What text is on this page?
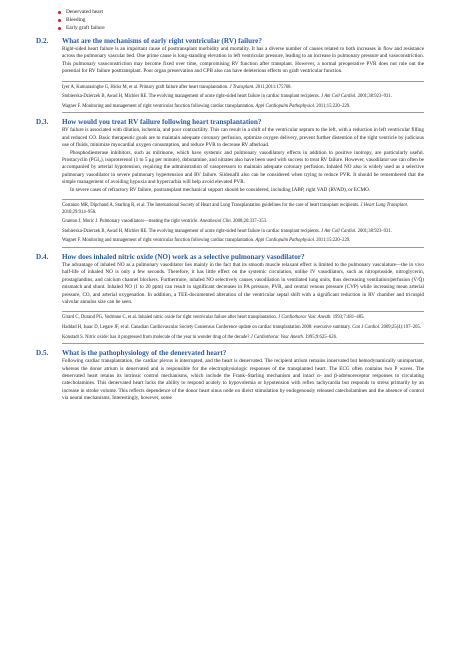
Denervated heart
Bleeding
Early graft failure
D.2.	What are the mechanisms of early right ventricular (RV) failure?
Right-sided heart failure is an important cause of posttransplant morbidity and mortality. It has a diverse number of causes related to both increases in flow and resistance across the pulmonary vascular bed. One prime cause is long-standing elevation in left ventricular pressure, leading to an increase in pulmonary pressure and vasoconstriction. This pulmonary vasoconstriction may become fixed over time, compromising RV function after transplant. However, a normal preoperative PVR does not rule out the potential for RV failure posttransplant. Poor organ preservation and CPB also can have deleterious effects on graft ventricular function.
Iyer A, Kumarasinghe G, Hicks M, et al. Primary graft failure after heart transplantation. J Transplant. 2011;2011:175768.
Stobierska-Dzierzek B, Awad H, Michler RE. The evolving management of acute right-sided heart failure in cardiac transplant recipients. J Am Coll Cardiol. 2001;38:923–931.
Wagner F. Monitoring and management of right ventricular function following cardiac transplantation. Appl Cardiopulm Pathophysiol. 2011;15:220–229.
D.3.	How would you treat RV failure following heart transplantation?
RV failure is associated with dilation, ischemia, and poor contractility. This can result in a shift of the ventricular septum to the left, with a reduction in left ventricular filling and reduced CO. Basic therapeutic goals are to maintain adequate coronary perfusion, optimize oxygen delivery, prevent further distention of the right ventricle by judicious use of fluids, minimize myocardial oxygen consumption, and reduce PVR to decrease RV afterload.
Phosphodiesterase inhibitors, such as milrinone, which have systemic and pulmonary vasodilatory effects in addition to positive inotropy, are particularly useful. Prostacyclin (PGI₂), isoproterenol (1 to 5 μg per minute), dobutamine, and nitrates also have been used with success to treat RV failure. However, vasodilator use can often be accompanied by arterial hypotension, requiring the administration of vasopressors to maintain adequate coronary perfusion. Inhaled NO also is widely used as a selective pulmonary vasodilator in severe pulmonary hypertension and RV failure. Sildenafil also can be considered when trying to reduce PVR. It should be remembered that the simple management of avoiding hypoxia and hypercarbia will help avoid elevated PVR.
In severe cases of refractory RV failure, postransplant mechanical support should be considered, including IABP, right VAD (RVAD), or ECMO.
Costanzo MR, Dipchand A, Starling R, et al. The International Society of Heart and Lung Transplantation guidelines for the care of heart transplant recipients. J Heart Lung Transplant. 2010;29:914–956.
Granton J, Moric J. Pulmonary vasodilators—treating the right ventricle. Anesthesiol Clin. 2008;26:337–353.
Stobierska-Dzierzek B, Awad H, Michler RE. The evolving management of acute right-sided heart failure in cardiac transplant recipients. J Am Coll Cardiol. 2001;38:923–931.
Wagner F. Monitoring and management of right ventricular function following cardiac transplantation. Appl Cardiopulm Pathophysiol. 2011;15:220–229.
D.4.	How does inhaled nitric oxide (NO) work as a selective pulmonary vasodilator?
The advantage of inhaled NO as a pulmonary vasodilator lies mainly in the fact that its smooth muscle relaxant effect is limited to the pulmonary vasculature—the in vivo half-life of inhaled NO is only a few seconds. Therefore, it has little effect on the systemic circulation, unlike IV vasodilators, such as nitroprusside, nitroglycerin, prostaglandins, and calcium channel blockers. Furthermore, inhaled NO selectively causes vasodilation in ventilated lung units, thus decreasing ventilation/perfusion (V̇/Q̇) mismatch and shunt. Inhaled NO (1 to 20 ppm) can result in significant decreases in PA pressure, PVR, and central venous pressure (CVP) while increasing mean arterial pressure, CO, and arterial oxygenation. In addition, a TEE-documented alteration of the ventricular septal shift with a significant reduction in RV chamber and tricuspid valvular annulus size can be seen.
Girard C, Durand PG, Vedrinne C, et al. Inhaled nitric oxide for right ventricular failure after heart transplantation. J Cardiothorac Vasc Anesth. 1993;7:481–485.
Haddad H, Isaac D, Legare JF, et al. Canadian Cardiovascular Society Consensus Conference update on cardiac transplantation 2008: executive summary. Can J Cardiol. 2009;25(4):197–205.
Konstadt S. Nitric oxide: has it progressed from molecule of the year to wonder drug of the decade? J Cardiothorac Vasc Anesth. 1995;9:625–626.
D.5.	What is the pathophysiology of the denervated heart?
Following cardiac transplantation, the cardiac plexus is interrupted, and the heart is denervated. The recipient atrium remains innervated but hemodynamically unimportant, whereas the donor atrium is denervated and is responsible for the electrophysiologic responses of the transplanted heart. The ECG often contains two P waves. The denervated heart retains its intrinsic control mechanisms, which include the Frank–Starling mechanism and intact α- and β-adrenoreceptor responses to circulating catecholamines. This denervated heart lacks the ability to respond acutely to hypovolemia or hypotension with reflex tachycardia but responds to stress primarily by an increase in stroke volume. This reflects dependence of the donor heart sinus node on direct stimulation by endogenously released catecholamines and the absence of control via neural mechanisms. Interestingly, however, some
